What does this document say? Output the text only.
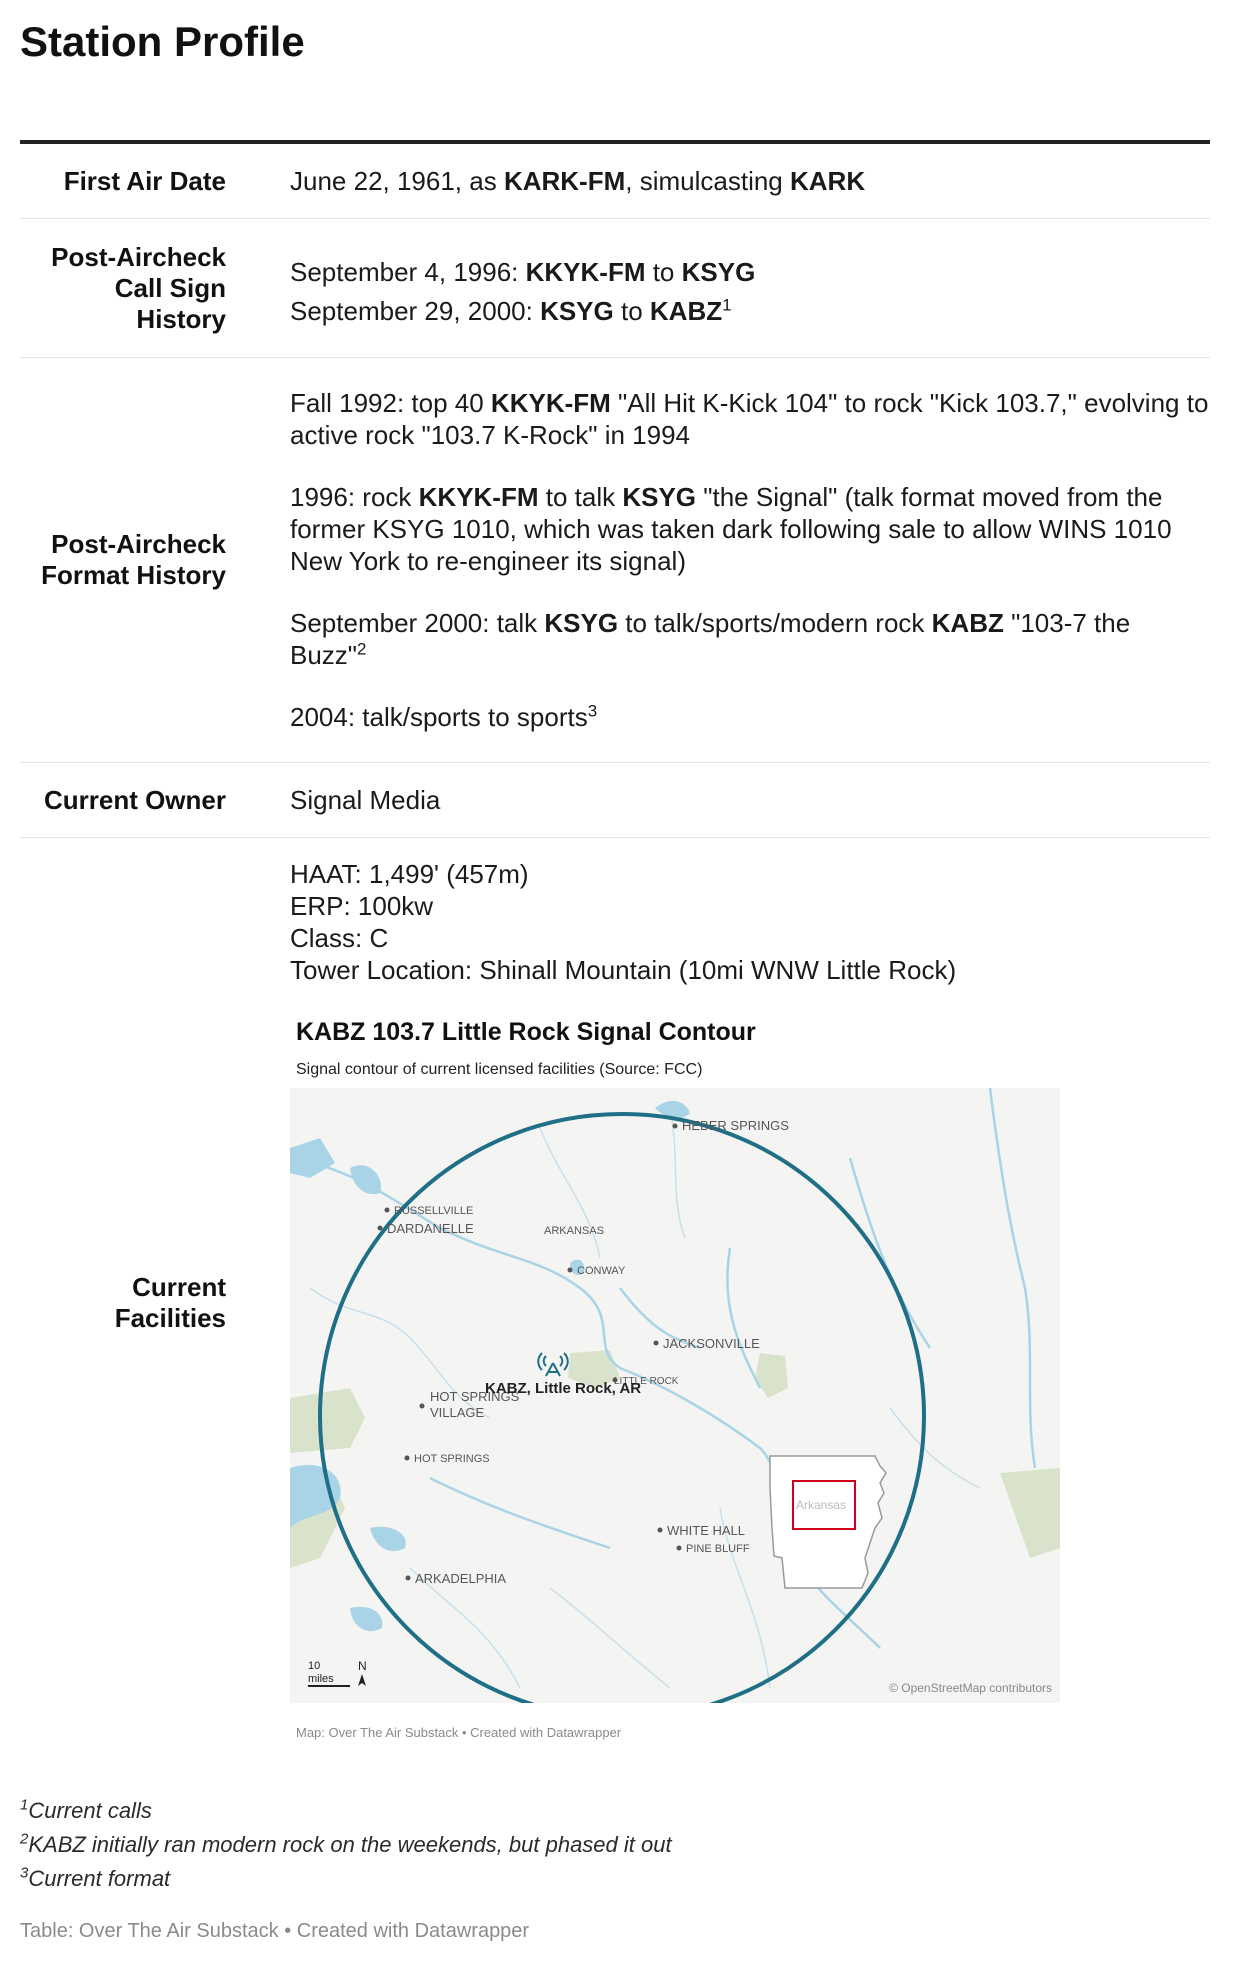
Station Profile
First Air Date June 22, 1961, as KARK-FM, simulcasting KARK
Post-Aircheck
Call Sign
History
September 4, 1996: KKYK-FM to KSYG
September 29, 2000: KSYG to KABZ$^1$
Post-Aircheck
Format History

Fall 1992: top 40 KKYK-FM "All Hit K-Kick 104" to rock "Kick 103.7," evolving to active rock "103.7 K-Rock" in 1994

1996: rock KKYK-FM to talk KSYG "the Signal" (talk format moved from the former KSYG 1010, which was taken dark following sale to allow WINS 1010 New York to re-engineer its signal)

September 2000: talk KSYG to talk/sports/modern rock KABZ "103-7 the Buzz"$^2$

2004: talk/sports to sports$^3$

Current Owner Signal Media
Current
Facilities
HAAT: 1,499' (457m)
ERP: 100kw
Class: C
Tower Location: Shinall Mountain (10mi WNW Little Rock)
KABZ 103.7 Little Rock Signal Contour
Signal contour of current licensed facilities (Source: FCC)
HEBER SPRINGS
RUSSELLVILLE
DARDANELLE	ARKANSAS
CONWAY
JACKSONVILLE
LITTLE ROCK
HOT SPRINGS
VILLAGE
HOT SPRINGS
WHITE HALL
PINE BLUFF
ARKADELPHIA
KABZ, Little Rock, AR
Arkansas
10
miles
N
© OpenStreetMap contributors
Map: Over The Air Substack • Created with Datawrapper
$^1$Current calls
$^2$KABZ initially ran modern rock on the weekends, but phased it out
$^3$Current format
Table: Over The Air Substack • Created with Datawrapper
